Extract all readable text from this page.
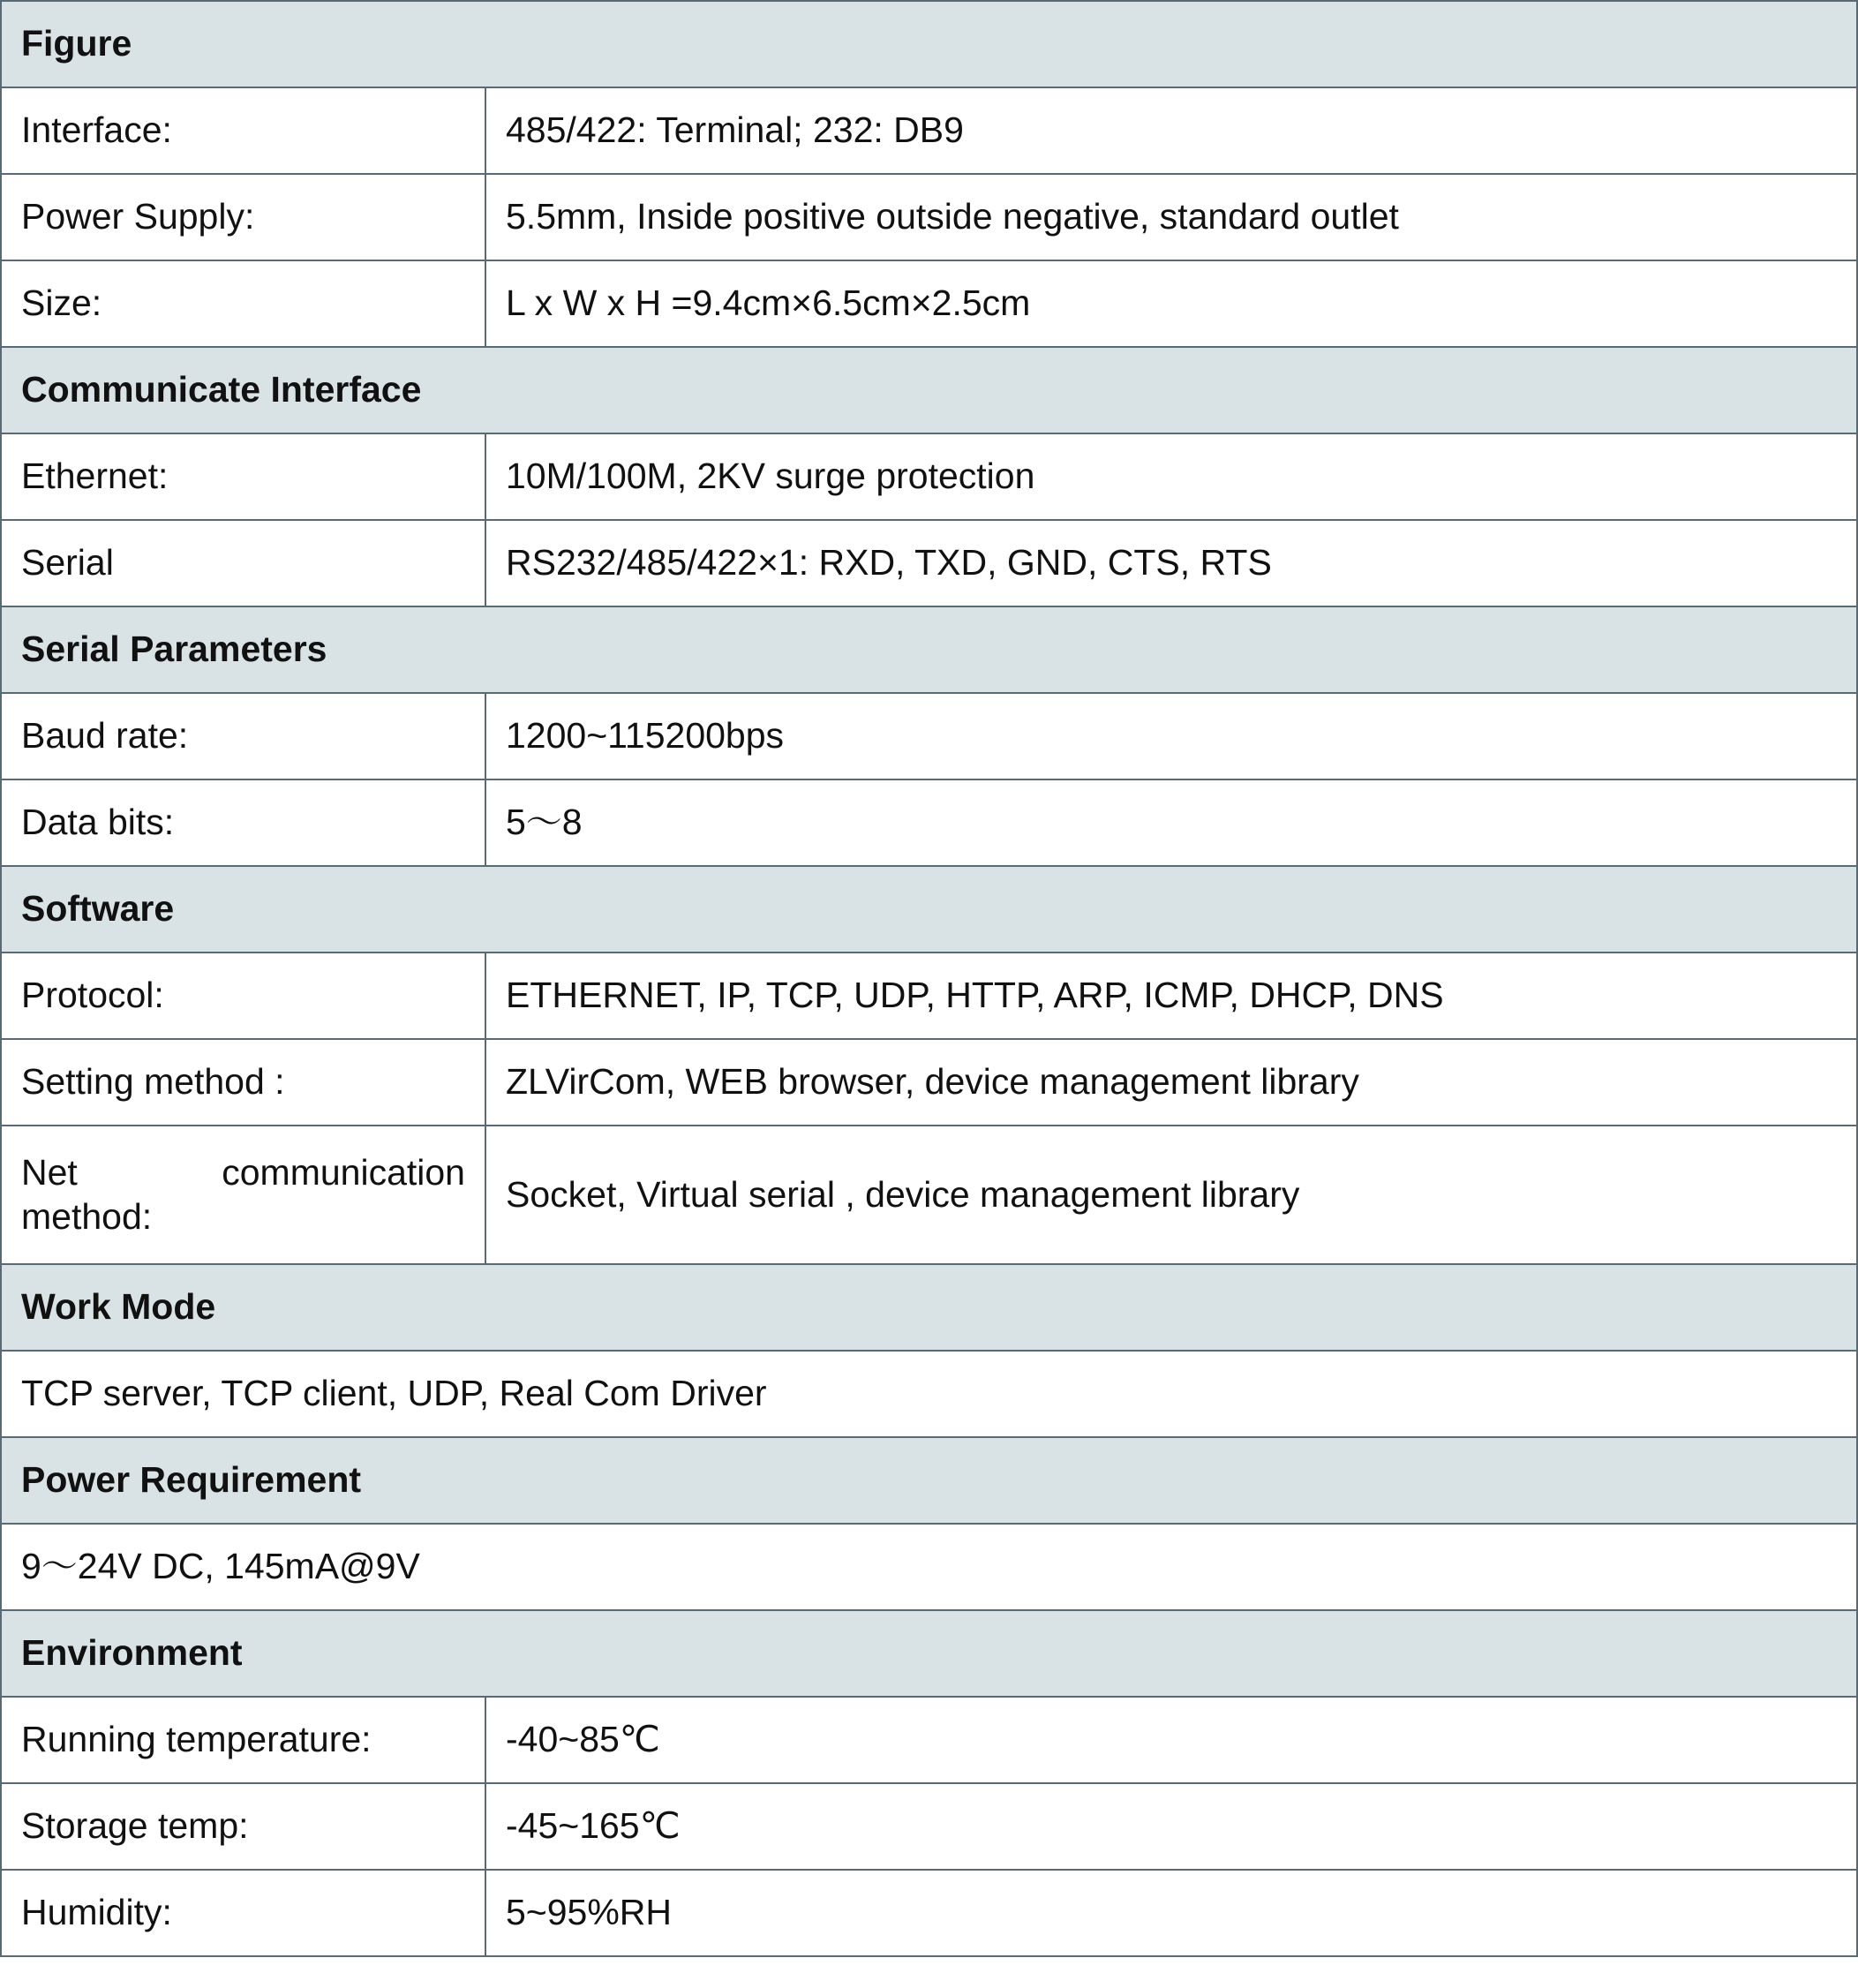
Figure	
Interface:	485/422: Terminal; 232: DB9
Power Supply:	5.5mm, Inside positive outside negative, standard outlet
Size:	L x W x H =9.4cm×6.5cm×2.5cm
Communicate Interface	
Ethernet:	10M/100M, 2KV surge protection
Serial	RS232/485/422×1: RXD, TXD, GND, CTS, RTS
Serial Parameters	
Baud rate:	1200~115200bps
Data bits:	5～8
Software	
Protocol:	ETHERNET, IP, TCP, UDP, HTTP, ARP, ICMP, DHCP, DNS
Setting method :	ZLVirCom, WEB browser, device management library
Net communication method:	Socket, Virtual serial , device management library
Work Mode	
TCP server, TCP client, UDP, Real Com Driver	
Power Requirement	
9～24V DC, 145mA@9V	
Environment	
Running temperature:	-40~85℃
Storage temp:	-45~165℃
Humidity:	5~95%RH
